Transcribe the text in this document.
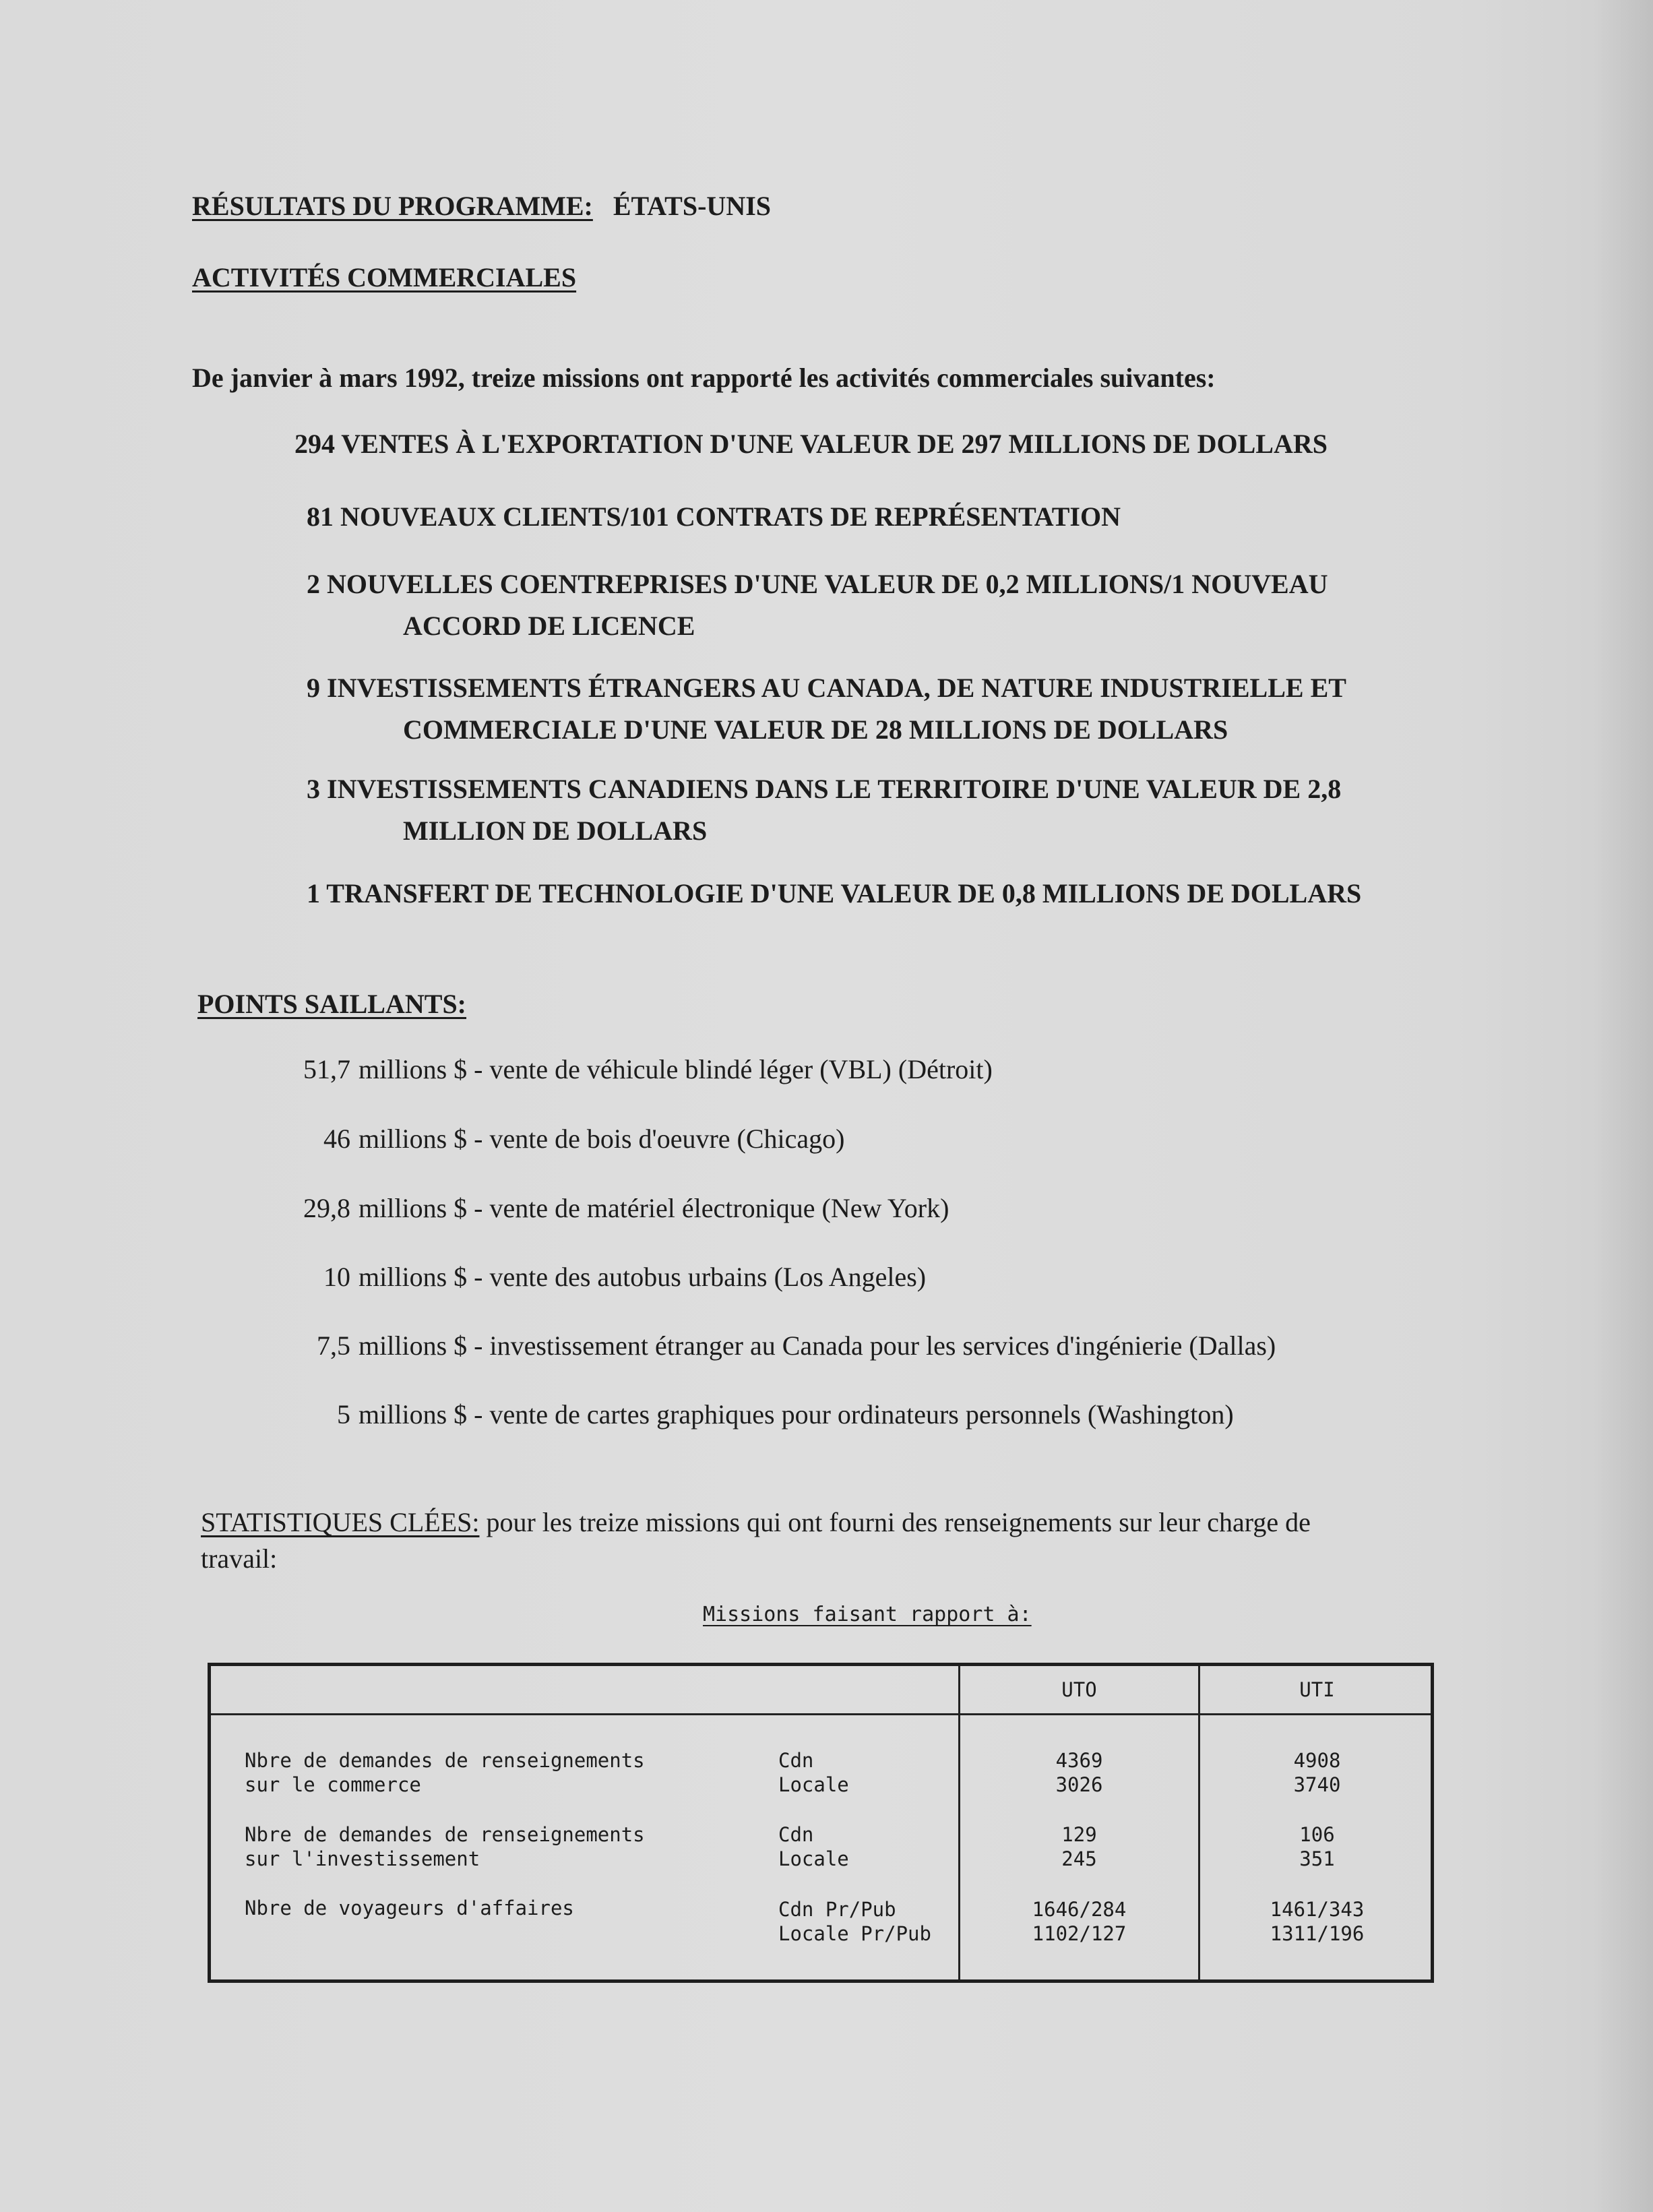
RÉSULTATS DU PROGRAMME: ÉTATS-UNIS
ACTIVITÉS COMMERCIALES
De janvier à mars 1992, treize missions ont rapporté les activités commerciales suivantes:
294 VENTES À L'EXPORTATION D'UNE VALEUR DE 297 MILLIONS DE DOLLARS
81 NOUVEAUX CLIENTS/101 CONTRATS DE REPRÉSENTATION
2 NOUVELLES COENTREPRISES D'UNE VALEUR DE 0,2 MILLIONS/1 NOUVEAU
ACCORD DE LICENCE
9 INVESTISSEMENTS ÉTRANGERS AU CANADA, DE NATURE INDUSTRIELLE ET
COMMERCIALE D'UNE VALEUR DE 28 MILLIONS DE DOLLARS
3 INVESTISSEMENTS CANADIENS DANS LE TERRITOIRE D'UNE VALEUR DE 2,8
MILLION DE DOLLARS
1 TRANSFERT DE TECHNOLOGIE D'UNE VALEUR DE 0,8 MILLIONS DE DOLLARS
POINTS SAILLANTS:
51,7 millions $ - vente de véhicule blindé léger (VBL) (Détroit)
46 millions $ - vente de bois d'oeuvre (Chicago)
29,8 millions $ - vente de matériel électronique (New York)
10 millions $ - vente des autobus urbains (Los Angeles)
7,5 millions $ - investissement étranger au Canada pour les services d'ingénierie (Dallas)
5 millions $ - vente de cartes graphiques pour ordinateurs personnels (Washington)
STATISTIQUES CLÉES: pour les treize missions qui ont fourni des renseignements sur leur charge de
travail:
Missions faisant rapport à:
UTO	UTI
Nbre de demandes de renseignements
sur le commerce
Cdn
Locale
4369
3026
4908
3740
Nbre de demandes de renseignements
sur l'investissement
Cdn
Locale
129
245
106
351
Nbre de voyageurs d'affaires	Cdn Pr/Pub
Locale Pr/Pub
1646/284
1102/127
1461/343
1311/196
